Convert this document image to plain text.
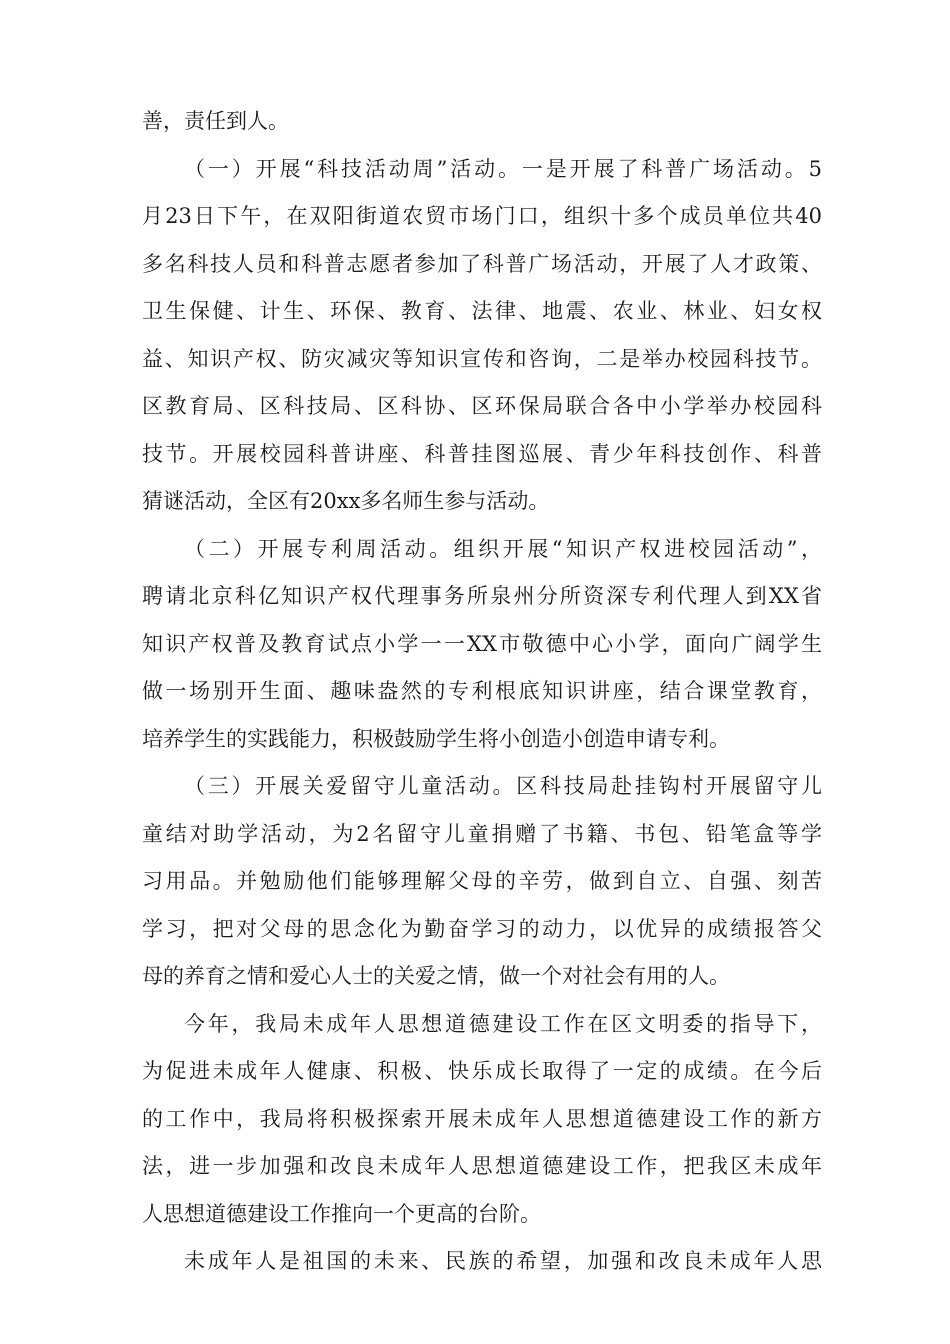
善，责任到人。
（一）开展“科技活动周”活动。一是开展了科普广场活动。5
月23日下午，在双阳街道农贸市场门口，组织十多个成员单位共40
多名科技人员和科普志愿者参加了科普广场活动，开展了人才政策、
卫生保健、计生、环保、教育、法律、地震、农业、林业、妇女权
益、知识产权、防灾减灾等知识宣传和咨询，二是举办校园科技节。
区教育局、区科技局、区科协、区环保局联合各中小学举办校园科
技节。开展校园科普讲座、科普挂图巡展、青少年科技创作、科普
猜谜活动，全区有20xx多名师生参与活动。
（二）开展专利周活动。组织开展“知识产权进校园活动”，
聘请北京科亿知识产权代理事务所泉州分所资深专利代理人到XX省
知识产权普及教育试点小学一一XX市敬德中心小学，面向广阔学生
做一场别开生面、趣味盎然的专利根底知识讲座，结合课堂教育，
培养学生的实践能力，积极鼓励学生将小创造小创造申请专利。
（三）开展关爱留守儿童活动。区科技局赴挂钩村开展留守儿
童结对助学活动，为2名留守儿童捐赠了书籍、书包、铅笔盒等学
习用品。并勉励他们能够理解父母的辛劳，做到自立、自强、刻苦
学习，把对父母的思念化为勤奋学习的动力，以优异的成绩报答父
母的养育之情和爱心人士的关爱之情，做一个对社会有用的人。
今年，我局未成年人思想道德建设工作在区文明委的指导下，
为促进未成年人健康、积极、快乐成长取得了一定的成绩。在今后
的工作中，我局将积极探索开展未成年人思想道德建设工作的新方
法，进一步加强和改良未成年人思想道德建设工作，把我区未成年
人思想道德建设工作推向一个更高的台阶。
未成年人是祖国的未来、民族的希望，加强和改良未成年人思
